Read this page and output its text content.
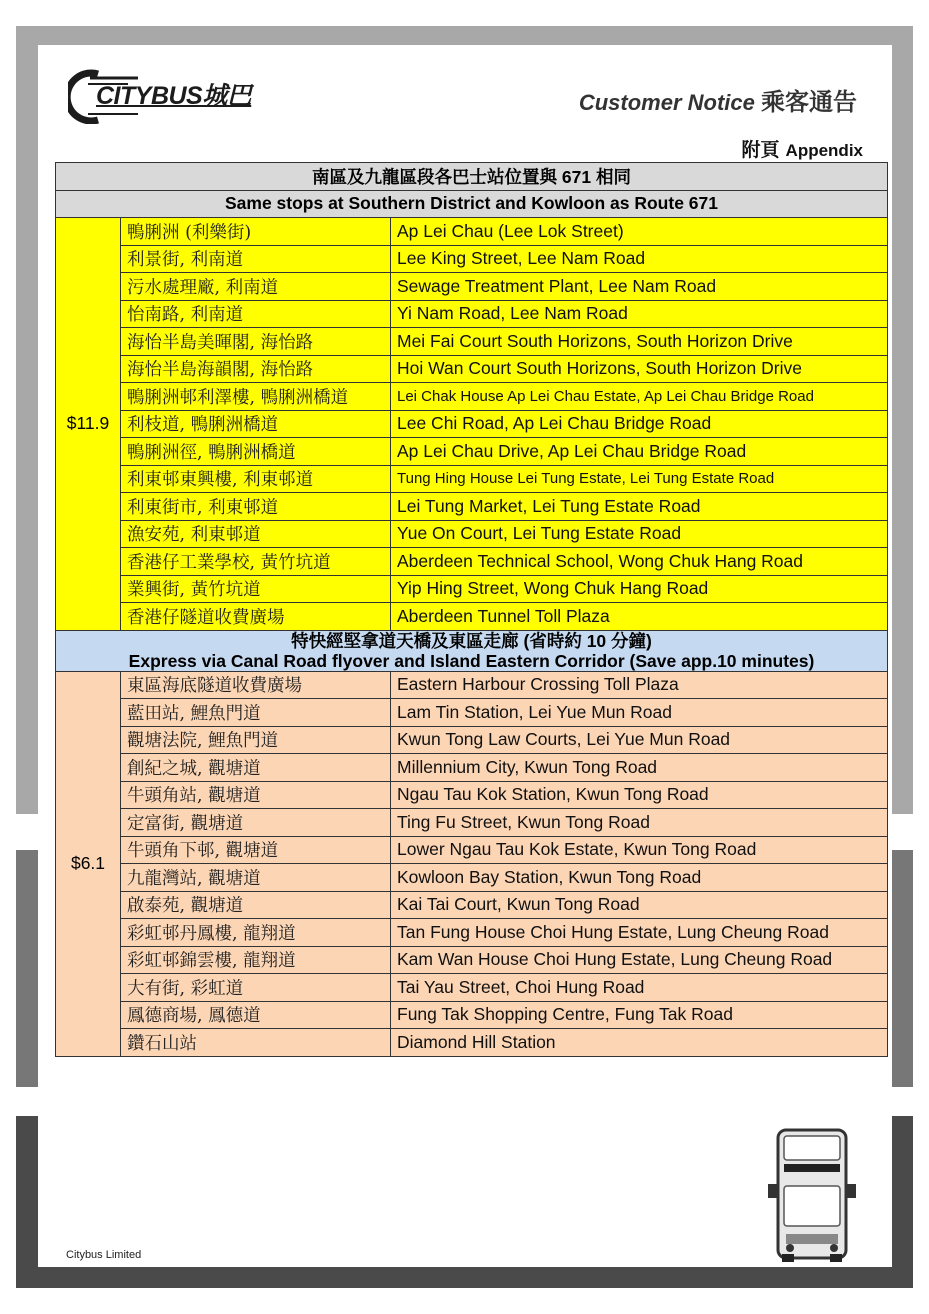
CITYBUS城巴	Customer Notice 乘客通告
附頁 Appendix
南區及九龍區段各巴士站位置與 671 相同		
Same stops at Southern District and Kowloon as Route 671		
$11.9	鴨脷洲 (利樂街)	Ap Lei Chau (Lee Lok Street)
	利景街, 利南道	Lee King Street, Lee Nam Road
	污水處理廠, 利南道	Sewage Treatment Plant, Lee Nam Road
	怡南路, 利南道	Yi Nam Road, Lee Nam Road
	海怡半島美暉閣, 海怡路	Mei Fai Court South Horizons, South Horizon Drive
	海怡半島海韻閣, 海怡路	Hoi Wan Court South Horizons, South Horizon Drive
	鴨脷洲邨利澤樓, 鴨脷洲橋道	Lei Chak House Ap Lei Chau Estate, Ap Lei Chau Bridge Road
	利枝道, 鴨脷洲橋道	Lee Chi Road, Ap Lei Chau Bridge Road
	鴨脷洲徑, 鴨脷洲橋道	Ap Lei Chau Drive, Ap Lei Chau Bridge Road
	利東邨東興樓, 利東邨道	Tung Hing House Lei Tung Estate, Lei Tung Estate Road
	利東街市, 利東邨道	Lei Tung Market, Lei Tung Estate Road
	漁安苑, 利東邨道	Yue On Court, Lei Tung Estate Road
	香港仔工業學校, 黃竹坑道	Aberdeen Technical School, Wong Chuk Hang Road
	業興街, 黃竹坑道	Yip Hing Street, Wong Chuk Hang Road
	香港仔隧道收費廣場	Aberdeen Tunnel Toll Plaza

特快經堅拿道天橋及東區走廊 (省時約 10 分鐘)
Express via Canal Road flyover and Island Eastern Corridor (Save app.10 minutes)		

$6.1	東區海底隧道收費廣場	Eastern Harbour Crossing Toll Plaza
	藍田站, 鯉魚門道	Lam Tin Station, Lei Yue Mun Road
	觀塘法院, 鯉魚門道	Kwun Tong Law Courts, Lei Yue Mun Road
	創紀之城, 觀塘道	Millennium City, Kwun Tong Road
	牛頭角站, 觀塘道	Ngau Tau Kok Station, Kwun Tong Road
	定富街, 觀塘道	Ting Fu Street, Kwun Tong Road
	牛頭角下邨, 觀塘道	Lower Ngau Tau Kok Estate, Kwun Tong Road
	九龍灣站, 觀塘道	Kowloon Bay Station, Kwun Tong Road
	啟泰苑, 觀塘道	Kai Tai Court, Kwun Tong Road
	彩虹邨丹鳳樓, 龍翔道	Tan Fung House Choi Hung Estate, Lung Cheung Road
	彩虹邨錦雲樓, 龍翔道	Kam Wan House Choi Hung Estate, Lung Cheung Road
	大有街, 彩虹道	Tai Yau Street, Choi Hung Road
	鳳德商場, 鳳德道	Fung Tak Shopping Centre, Fung Tak Road
	鑽石山站	Diamond Hill Station
Citybus Limited
